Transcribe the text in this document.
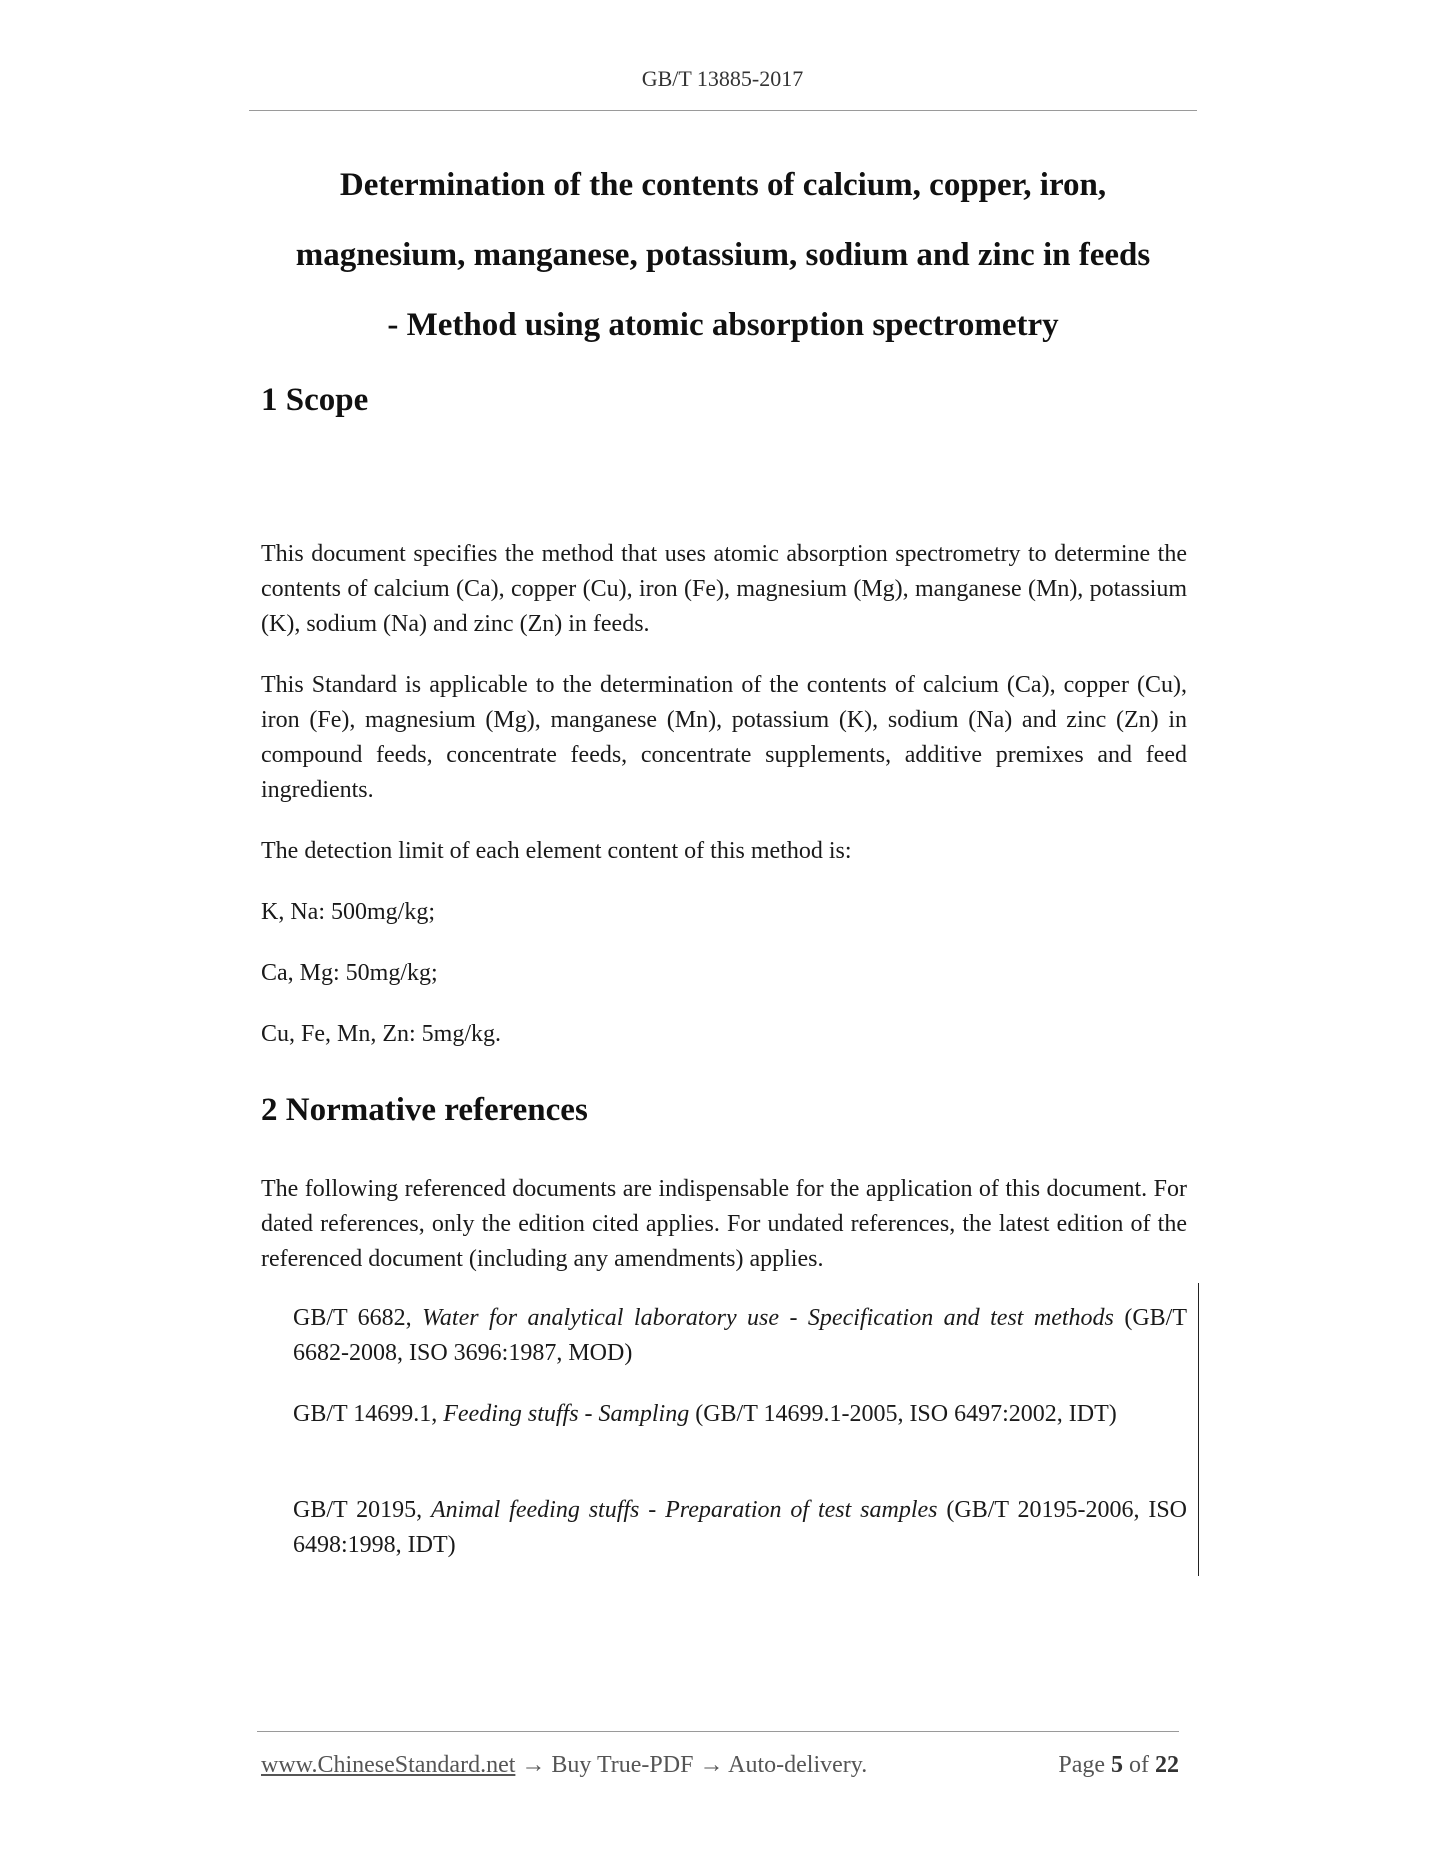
GB/T 13885-2017
Determination of the contents of calcium, copper, iron,
magnesium, manganese, potassium, sodium and zinc in feeds
- Method using atomic absorption spectrometry
1 Scope

This document specifies the method that uses atomic absorption spectrometry to determine the contents of calcium (Ca), copper (Cu), iron (Fe), magnesium (Mg), manganese (Mn), potassium (K), sodium (Na) and zinc (Zn) in feeds.

This Standard is applicable to the determination of the contents of calcium (Ca), copper (Cu), iron (Fe), magnesium (Mg), manganese (Mn), potassium (K), sodium (Na) and zinc (Zn) in compound feeds, concentrate feeds, concentrate supplements, additive premixes and feed ingredients.

The detection limit of each element content of this method is:

K, Na: 500mg/kg;

Ca, Mg: 50mg/kg;

Cu, Fe, Mn, Zn: 5mg/kg.

2 Normative references

The following referenced documents are indispensable for the application of this document. For dated references, only the edition cited applies. For undated references, the latest edition of the referenced document (including any amendments) applies.

GB/T 6682, Water for analytical laboratory use - Specification and test methods (GB/T 6682-2008, ISO 3696:1987, MOD)

GB/T 14699.1, Feeding stuffs - Sampling (GB/T 14699.1-2005, ISO 6497:2002, IDT)

GB/T 20195, Animal feeding stuffs - Preparation of test samples (GB/T 20195-2006, ISO 6498:1998, IDT)

www.ChineseStandard.net → Buy True-PDF → Auto-delivery.	Page 5 of 22
